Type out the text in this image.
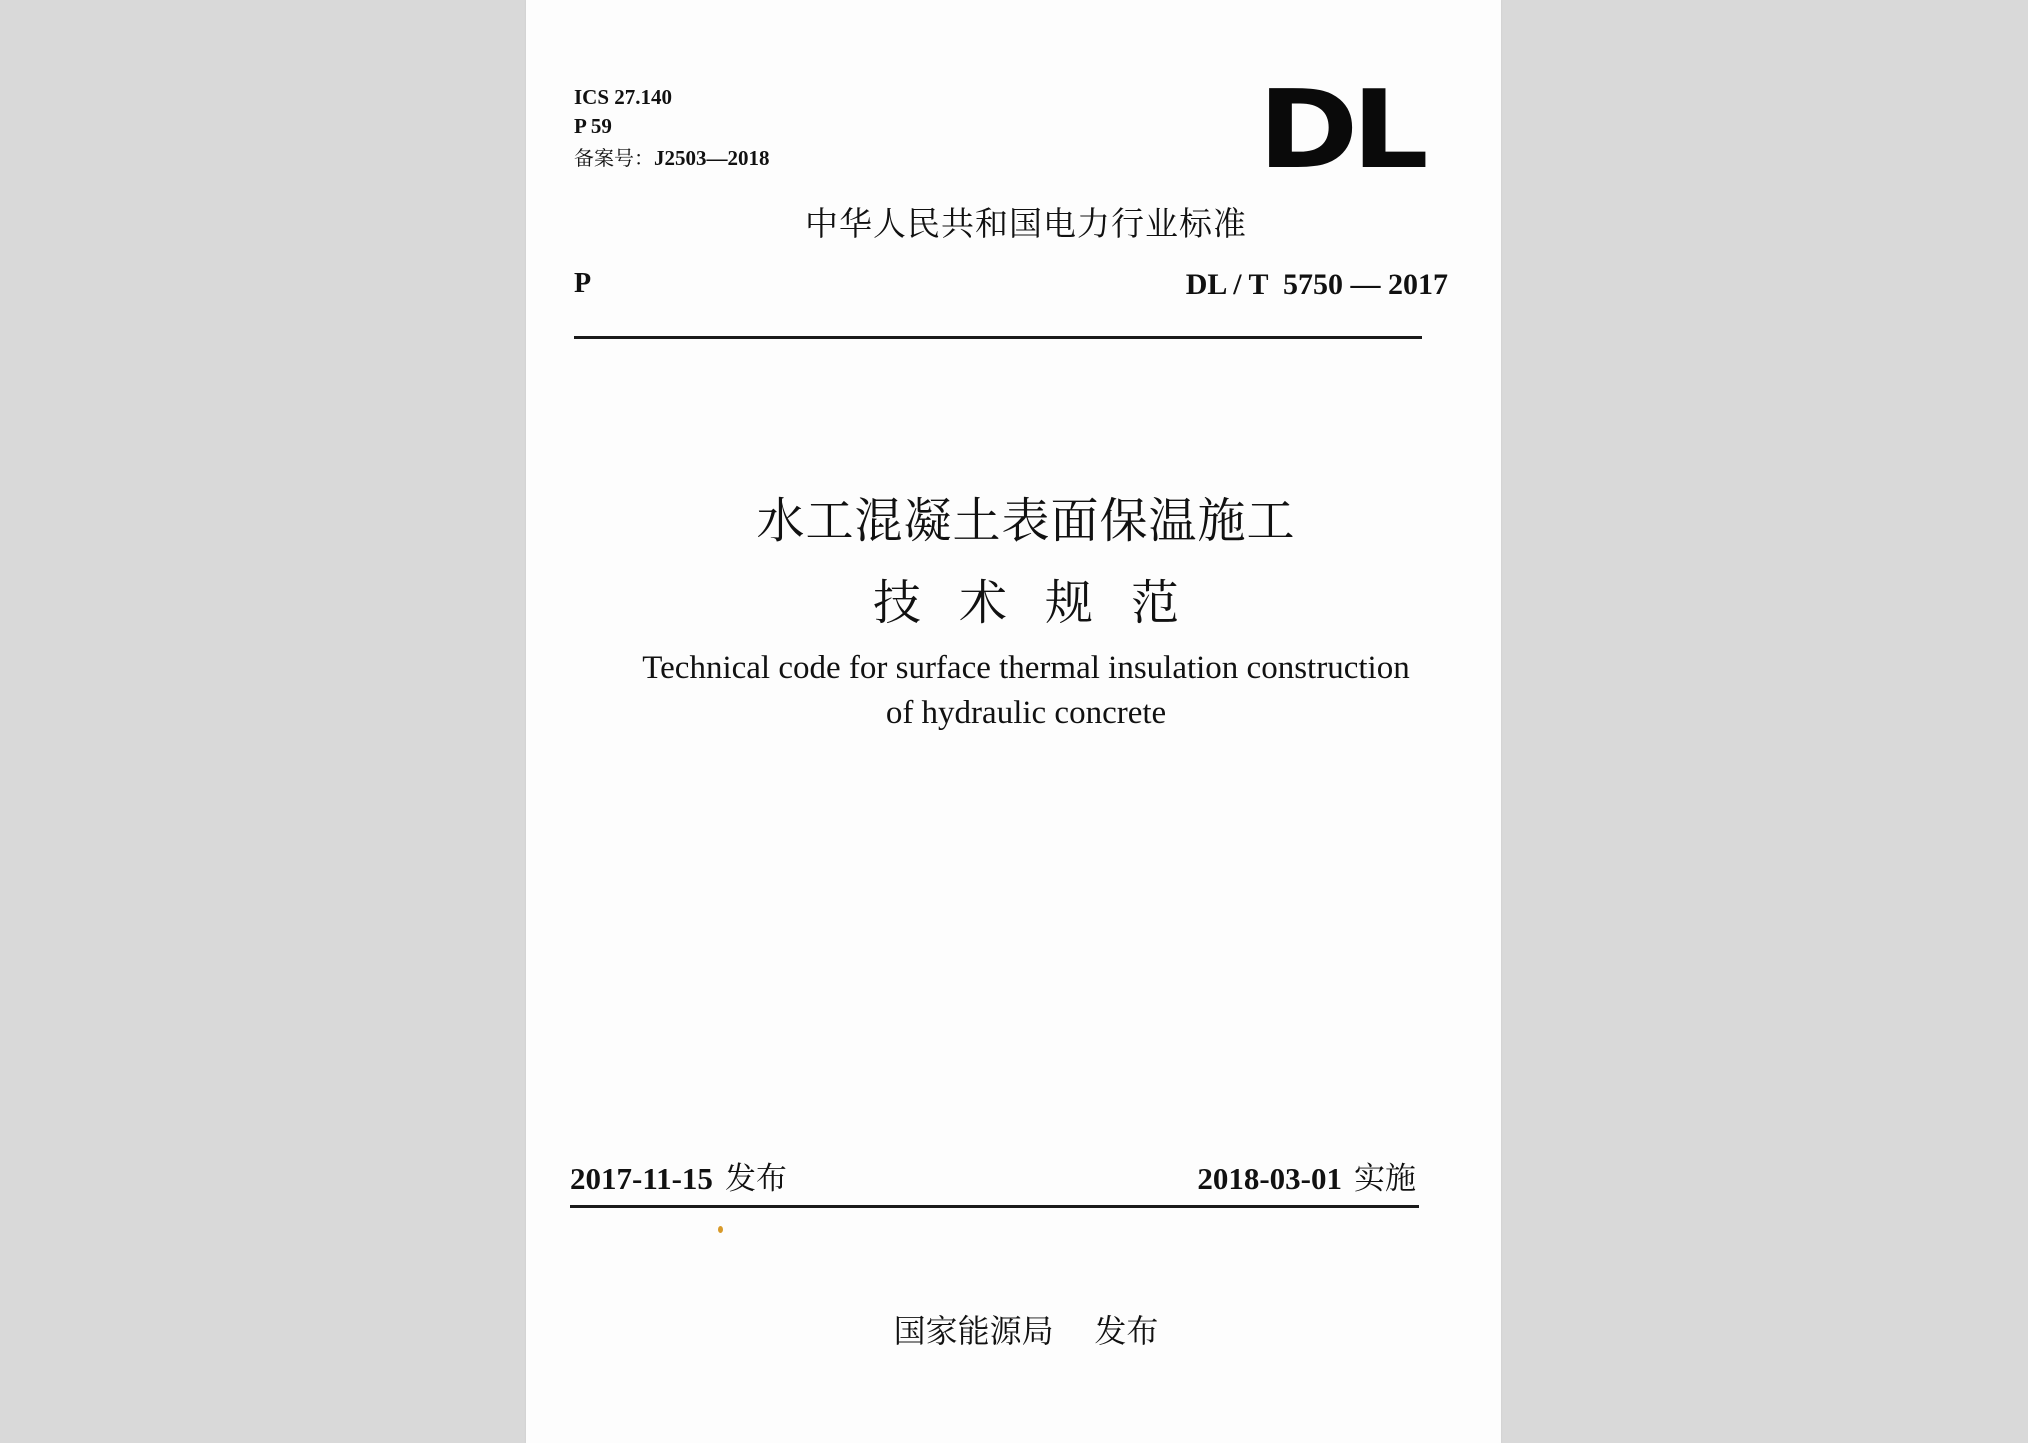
ICS 27.140
P 59
备案号：J2503—2018	DL
中华人民共和国电力行业标准
P	DL / T  5750 — 2017
水工混凝土表面保温施工
技术规范
Technical code for surface thermal insulation construction
of hydraulic concrete
2017-11-15 发布	2018-03-01 实施
国家能源局    发布
